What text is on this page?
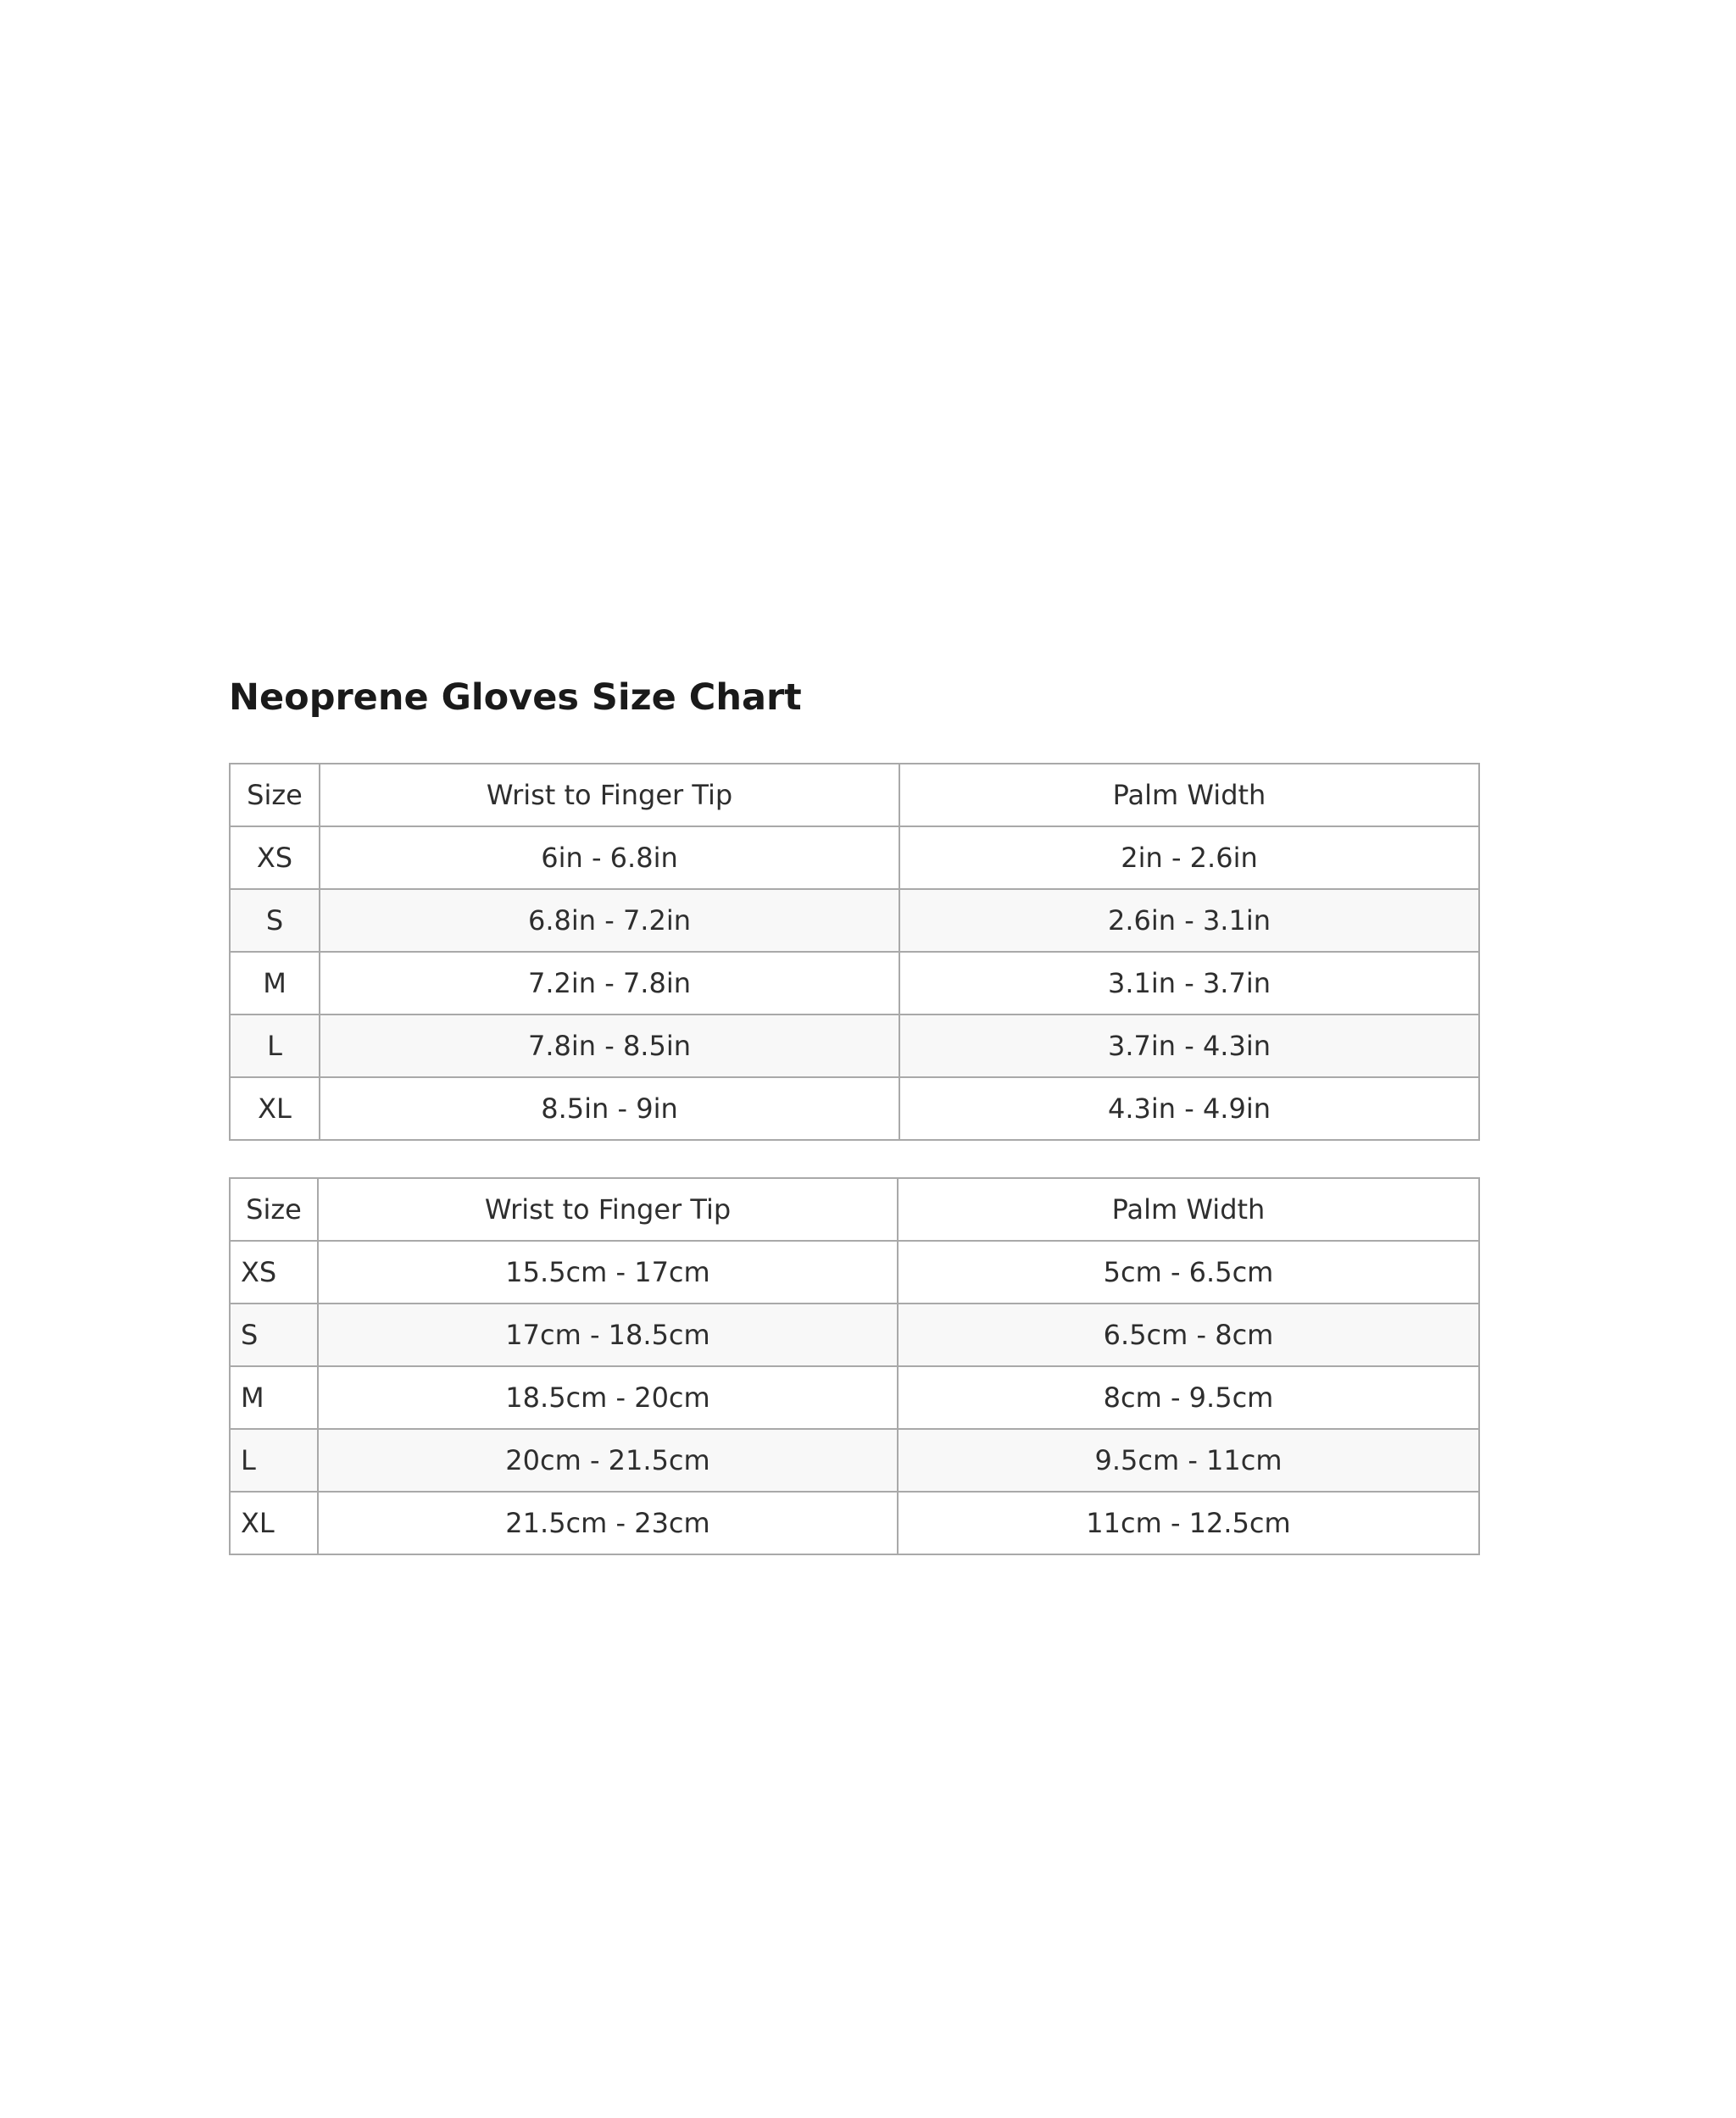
Neoprene Gloves Size Chart
Size	Wrist to Finger Tip	Palm Width
XS	6in - 6.8in	2in - 2.6in
S	6.8in - 7.2in	2.6in - 3.1in
M	7.2in - 7.8in	3.1in - 3.7in
L	7.8in - 8.5in	3.7in - 4.3in
XL	8.5in - 9in	4.3in - 4.9in
Size	Wrist to Finger Tip	Palm Width
XS	15.5cm - 17cm	5cm - 6.5cm
S	17cm - 18.5cm	6.5cm - 8cm
M	18.5cm - 20cm	8cm - 9.5cm
L	20cm - 21.5cm	9.5cm - 11cm
XL	21.5cm - 23cm	11cm - 12.5cm
